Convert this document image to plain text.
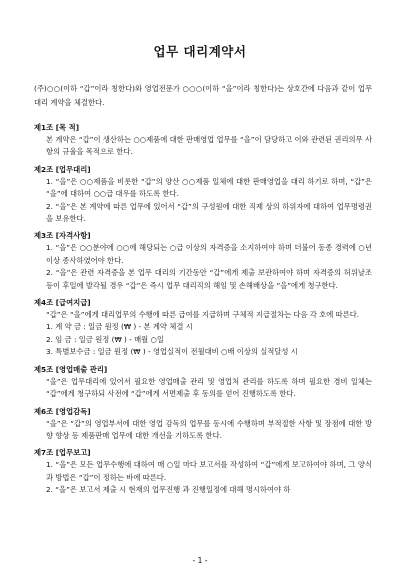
업무 대리계약서
(주)○○(이하 “갑”이라 칭한다)와 영업전문가 ○○○(이하 “을”이라 칭한다)는 상호간에 다음과 같이 업무대리 계약을 체결한다.
제1조 [목 적]
본 계약은 “갑”이 생산하는 ○○제품에 대한 판매영업 업무를 “을”이 담당하고 이와 관련된 권리의무 사항의 규율을 목적으로 한다.
제2조 [업무대리]
1. “을”은 ○○제품을 비롯한 “갑”의 양산 ○○제품 일체에 대한 판매영업을 대리 하기로 하며, “갑”은 “을”에 대하여 ○○급 대우를 하도록 한다.
2. “을”은 본 계약에 따른 업무에 있어서 “갑”의 구성원에 대한 직제 상의 하위자에 대하여 업무명령권을 보유한다.
제3조 [자격사항]
1. “을”은 ○○분야에 ○○에 해당되는 ○급 이상의 자격증을 소지하여야 하며 더불어 동종 경력에 ○년 이상 종사하였어야 한다.
2. “을”은 관련 자격증을 본 업무 대리의 기간동안 “갑”에게 제출 보관하여야 하며 자격증의 허위날조 등이 후일에 발각될 경우 “갑”은 즉시 업무 대리직의 해임 및 손해배상을 “을”에게 청구한다.
제4조 [급여지급]
“갑”은 “을”에게 대리업무의 수행에 따른 급여를 지급하며 구체적 지급절차는 다음 각 호에 따른다.
1. 계 약 금 : 일금 원정 (₩ ) - 본 계약 체결 시
2. 임 금 : 일금 원정 (₩ ) - 매월 ○일
3. 특별보수금 : 일금 원정 (₩ ) - 영업실적이 전월대비 ○배 이상의 실적달성 시
제5조 [영업매출 관리]
“을”은 업무대리에 있어서 필요한 영업매출 관리 및 영업처 관리를 하도록 하며 필요한 경비 일체는 “갑”에게 청구하되 사전에 “갑”에게 서면제출 후 동의를 얻어 진행하도록 한다.
제6조 [영업감독]
“을”은 “갑”의 영업부서에 대한 영업 감독의 업무를 동시에 수행하며 부적절한 사항 및 장점에 대한 방향 향상 등 제품판매 업무에 대한 개선을 기하도록 한다.
제7조 [업무보고]
1. “을”은 모든 업무수행에 대하여 매 ○일 마다 보고서를 작성하여 “갑”에게 보고하여야 하며, 그 양식과 방법은 “갑”이 정하는 바에 따른다.
2. “을”은 보고서 제출 시 현재의 업무진행 과 진행일정에 대해 명시하여야 하
- 1 -
